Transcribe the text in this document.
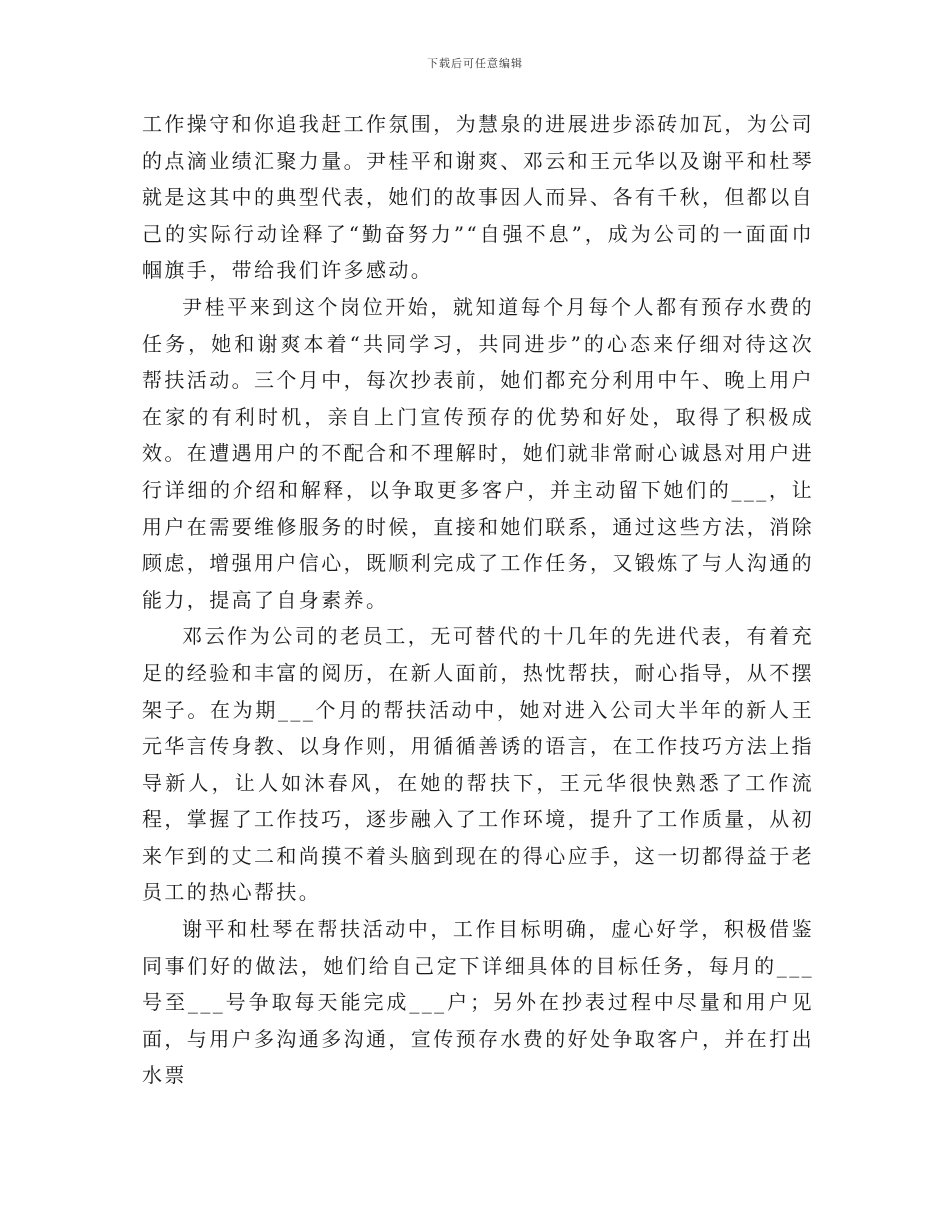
下载后可任意编辑

工作操守和你追我赶工作氛围，为慧泉的进展进步添砖加瓦，为公司的点滴业绩汇聚力量。尹桂平和谢爽、邓云和王元华以及谢平和杜琴就是这其中的典型代表，她们的故事因人而异、各有千秋，但都以自己的实际行动诠释了“勤奋努力”“自强不息”，成为公司的一面面巾帼旗手，带给我们许多感动。

尹桂平来到这个岗位开始，就知道每个月每个人都有预存水费的任务，她和谢爽本着“共同学习，共同进步”的心态来仔细对待这次帮扶活动。三个月中，每次抄表前，她们都充分利用中午、晚上用户在家的有利时机，亲自上门宣传预存的优势和好处，取得了积极成效。在遭遇用户的不配合和不理解时，她们就非常耐心诚恳对用户进行详细的介绍和解释，以争取更多客户，并主动留下她们的___，让用户在需要维修服务的时候，直接和她们联系，通过这些方法，消除顾虑，增强用户信心，既顺利完成了工作任务，又锻炼了与人沟通的能力，提高了自身素养。

邓云作为公司的老员工，无可替代的十几年的先进代表，有着充足的经验和丰富的阅历，在新人面前，热忱帮扶，耐心指导，从不摆架子。在为期___个月的帮扶活动中，她对进入公司大半年的新人王元华言传身教、以身作则，用循循善诱的语言，在工作技巧方法上指导新人，让人如沐春风，在她的帮扶下，王元华很快熟悉了工作流程，掌握了工作技巧，逐步融入了工作环境，提升了工作质量，从初来乍到的丈二和尚摸不着头脑到现在的得心应手，这一切都得益于老员工的热心帮扶。

谢平和杜琴在帮扶活动中，工作目标明确，虚心好学，积极借鉴同事们好的做法，她们给自己定下详细具体的目标任务，每月的___号至___号争取每天能完成___户；另外在抄表过程中尽量和用户见面，与用户多沟通多沟通，宣传预存水费的好处争取客户，并在打出水票
